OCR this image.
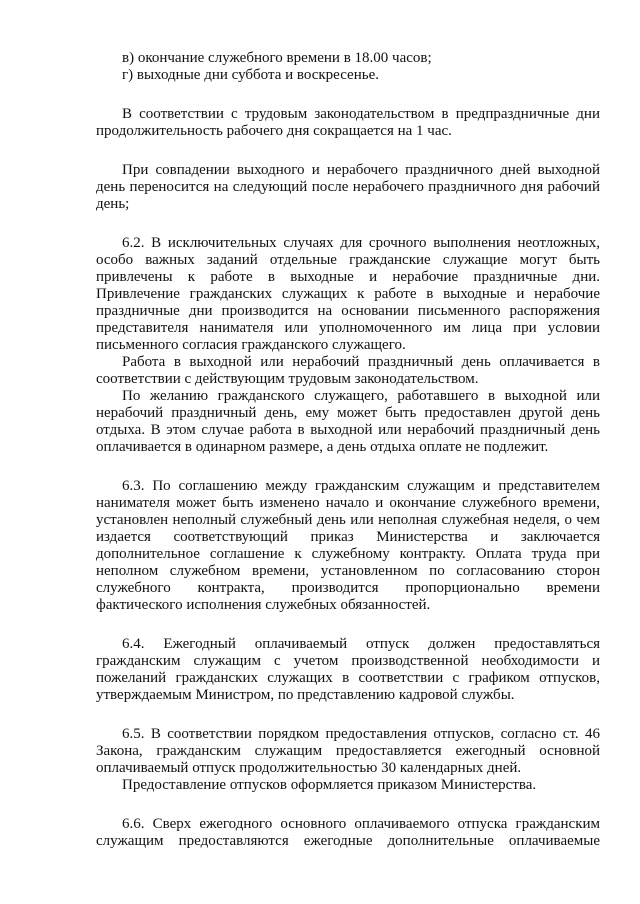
в) окончание служебного времени в 18.00 часов;
г) выходные дни суббота и воскресенье.
В соответствии с трудовым законодательством в предпраздничные дни
продолжительность рабочего дня сокращается на 1 час.
При совпадении выходного и нерабочего праздничного дней выходной
день переносится на следующий после нерабочего праздничного дня рабочий
день;
6.2. В исключительных случаях для срочного выполнения неотложных,
особо важных заданий отдельные гражданские служащие могут быть
привлечены к работе в выходные и нерабочие праздничные дни.
Привлечение гражданских служащих к работе в выходные и нерабочие
праздничные дни производится на основании письменного распоряжения
представителя нанимателя или уполномоченного им лица при условии
письменного согласия гражданского служащего.
Работа в выходной или нерабочий праздничный день оплачивается в
соответствии с действующим трудовым законодательством.
По желанию гражданского служащего, работавшего в выходной или
нерабочий праздничный день, ему может быть предоставлен другой день
отдыха. В этом случае работа в выходной или нерабочий праздничный день
оплачивается в одинарном размере, а день отдыха оплате не подлежит.
6.3. По соглашению между гражданским служащим и представителем
нанимателя может быть изменено начало и окончание служебного времени,
установлен неполный служебный день или неполная служебная неделя, о чем
издается соответствующий приказ Министерства и заключается
дополнительное соглашение к служебному контракту. Оплата труда при
неполном служебном времени, установленном по согласованию сторон
служебного контракта, производится пропорционально времени
фактического исполнения служебных обязанностей.
6.4. Ежегодный оплачиваемый отпуск должен предоставляться
гражданским служащим с учетом производственной необходимости и
пожеланий гражданских служащих в соответствии с графиком отпусков,
утверждаемым Министром, по представлению кадровой службы.
6.5. В соответствии порядком предоставления отпусков, согласно ст. 46
Закона, гражданским служащим предоставляется ежегодный основной
оплачиваемый отпуск продолжительностью 30 календарных дней.
Предоставление отпусков оформляется приказом Министерства.
6.6. Сверх ежегодного основного оплачиваемого отпуска гражданским
служащим предоставляются ежегодные дополнительные оплачиваемые
